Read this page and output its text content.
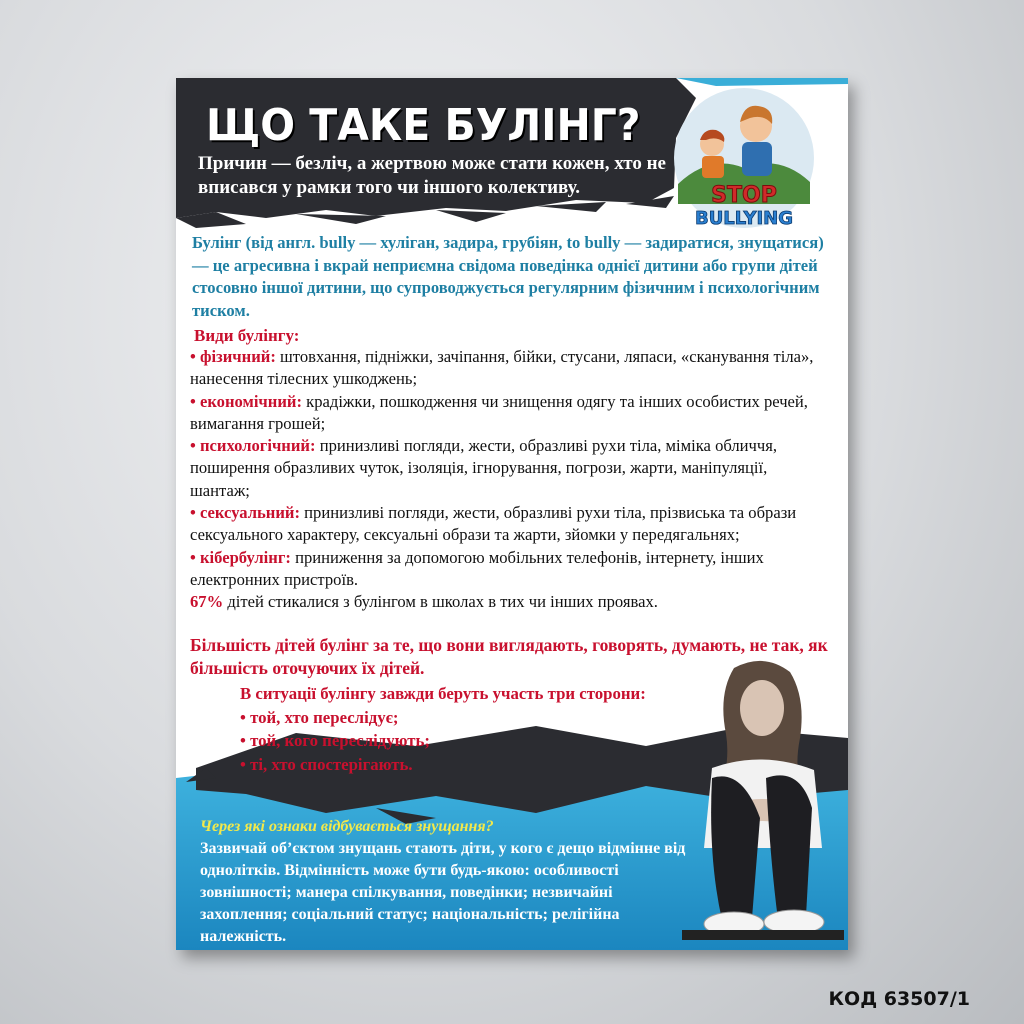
ЩО ТАКЕ БУЛІНГ?

Причин — безліч, а жертвою може стати кожен, хто не вписався у рамки того чи іншого колективу.	STOP
BULLYING

Булінг (від англ. bully — хуліган, задира, грубіян, to bully — задиратися, знущатися) — це агресивна і вкрай неприємна свідома поведінка однієї дитини або групи дітей стосовно іншої дитини, що супроводжується регулярним фізичним і психологічним тиском.

Види булінгу:

• фізичний: штовхання, підніжки, зачіпання, бійки, стусани, ляпаси, «сканування тіла», нанесення тілесних ушкоджень;
• економічний: крадіжки, пошкодження чи знищення одягу та інших особистих речей, вимагання грошей;
• психологічний: принизливі погляди, жести, образливі рухи тіла, міміка обличчя, поширення образливих чуток, ізоляція, ігнорування, погрози, жарти, маніпуляції, шантаж;
• сексуальний: принизливі погляди, жести, образливі рухи тіла, прізвиська та образи сексуального характеру, сексуальні образи та жарти, зйомки у передягальнях;
• кібербулінг: приниження за допомогою мобільних телефонів, інтернету, інших електронних пристроїв.
67% дітей стикалися з булінгом в школах в тих чи інших проявах.

Більшість дітей булінг за те, що вони виглядають, говорять, думають, не так, як більшість оточуючих їх дітей.

В ситуації булінгу завжди беруть участь три сторони:
• той, хто переслідує;
• той, кого переслідують;
• ті, хто спостерігають.

Через які ознаки відбувається знущання?

Зазвичай об’єктом знущань стають діти, у кого є дещо відмінне від однолітків. Відмінність може бути будь-якою: особливості зовнішності; манера спілкування, поведінки; незвичайні захоплення; соціальний статус; національність; релігійна належність.

КОД 63507/1
